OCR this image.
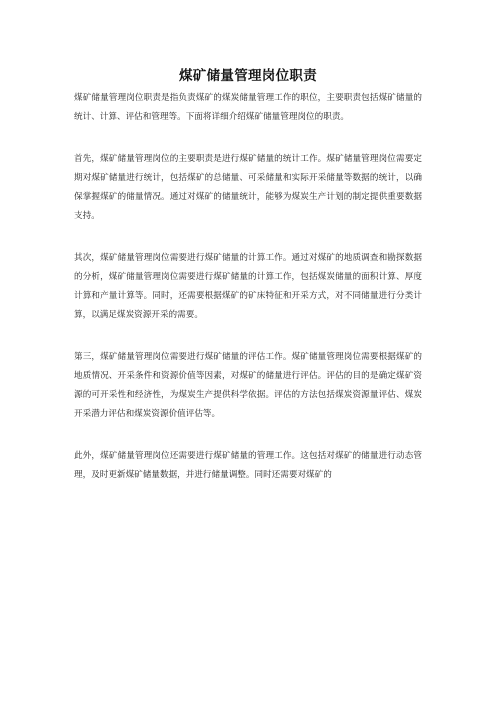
煤矿储量管理岗位职责

煤矿储量管理岗位职责是指负责煤矿的煤炭储量管理工作的职位，主要职责包括煤矿储量的统计、计算、评估和管理等。下面将详细介绍煤矿储量管理岗位的职责。

首先，煤矿储量管理岗位的主要职责是进行煤矿储量的统计工作。煤矿储量管理岗位需要定期对煤矿储量进行统计，包括煤矿的总储量、可采储量和实际开采储量等数据的统计，以确保掌握煤矿的储量情况。通过对煤矿的储量统计，能够为煤炭生产计划的制定提供重要数据支持。

其次，煤矿储量管理岗位需要进行煤矿储量的计算工作。通过对煤矿的地质调查和勘探数据的分析，煤矿储量管理岗位需要进行煤矿储量的计算工作，包括煤炭储量的面积计算、厚度计算和产量计算等。同时，还需要根据煤矿的矿床特征和开采方式，对不同储量进行分类计算，以满足煤炭资源开采的需要。

第三，煤矿储量管理岗位需要进行煤矿储量的评估工作。煤矿储量管理岗位需要根据煤矿的地质情况、开采条件和资源价值等因素，对煤矿的储量进行评估。评估的目的是确定煤矿资源的可开采性和经济性，为煤炭生产提供科学依据。评估的方法包括煤炭资源量评估、煤炭开采潜力评估和煤炭资源价值评估等。

此外，煤矿储量管理岗位还需要进行煤矿储量的管理工作。这包括对煤矿的储量进行动态管理，及时更新煤矿储量数据，并进行储量调整。同时还需要对煤矿的
